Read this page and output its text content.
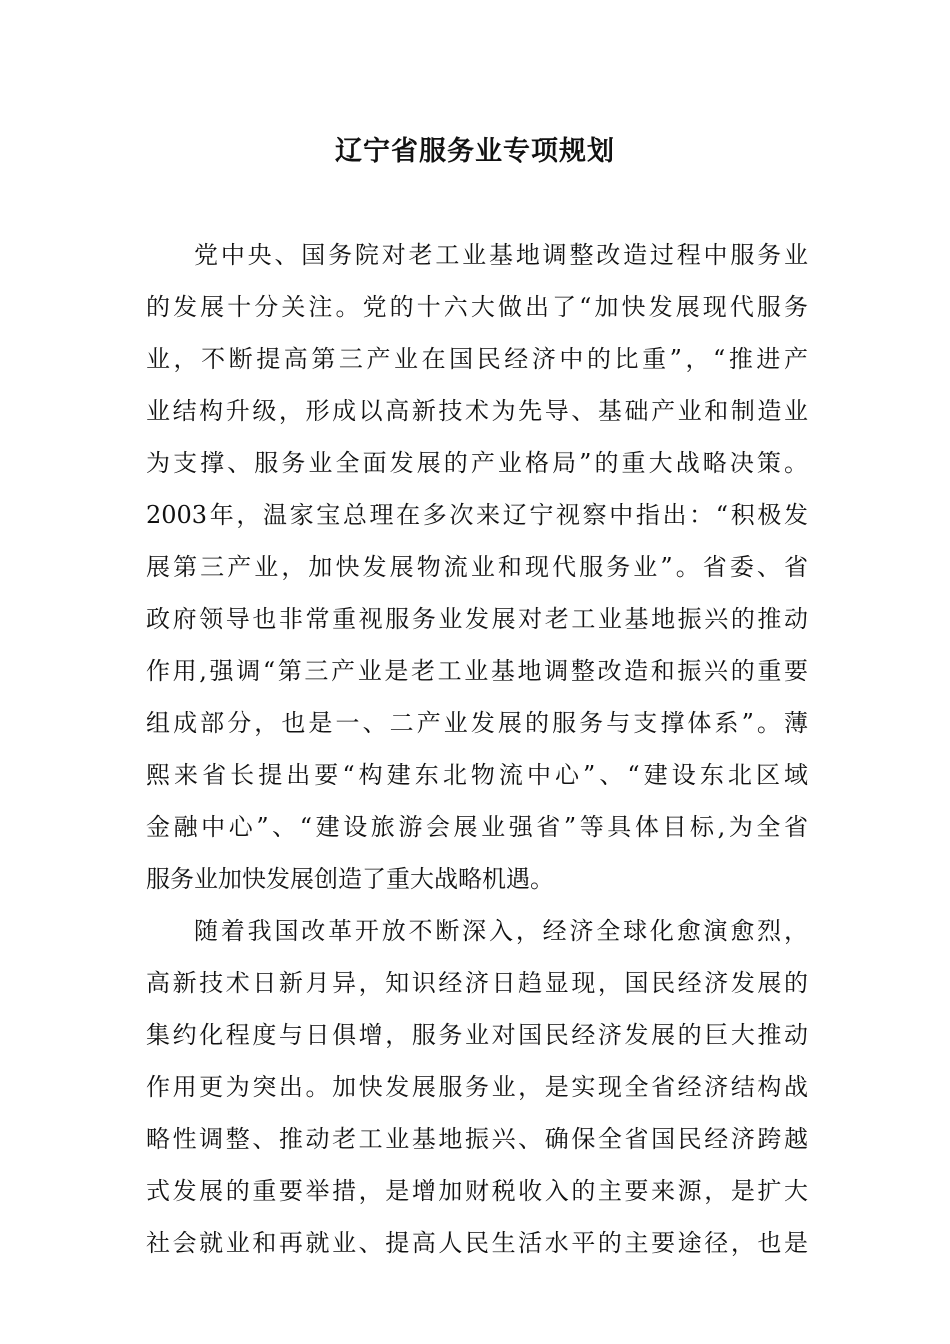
辽宁省服务业专项规划
党中央、国务院对老工业基地调整改造过程中服务业
的发展十分关注。党的十六大做出了“加快发展现代服务
业，不断提高第三产业在国民经济中的比重”，“推进产
业结构升级，形成以高新技术为先导、基础产业和制造业
为支撑、服务业全面发展的产业格局”的重大战略决策。
2003年，温家宝总理在多次来辽宁视察中指出：“积极发
展第三产业，加快发展物流业和现代服务业”。省委、省
政府领导也非常重视服务业发展对老工业基地振兴的推动
作用,强调“第三产业是老工业基地调整改造和振兴的重要
组成部分，也是一、二产业发展的服务与支撑体系”。薄
熙来省长提出要“构建东北物流中心”、“建设东北区域
金融中心”、“建设旅游会展业强省”等具体目标,为全省
服务业加快发展创造了重大战略机遇。
随着我国改革开放不断深入，经济全球化愈演愈烈，
高新技术日新月异，知识经济日趋显现，国民经济发展的
集约化程度与日俱增，服务业对国民经济发展的巨大推动
作用更为突出。加快发展服务业，是实现全省经济结构战
略性调整、推动老工业基地振兴、确保全省国民经济跨越
式发展的重要举措，是增加财税收入的主要来源，是扩大
社会就业和再就业、提高人民生活水平的主要途径，也是
